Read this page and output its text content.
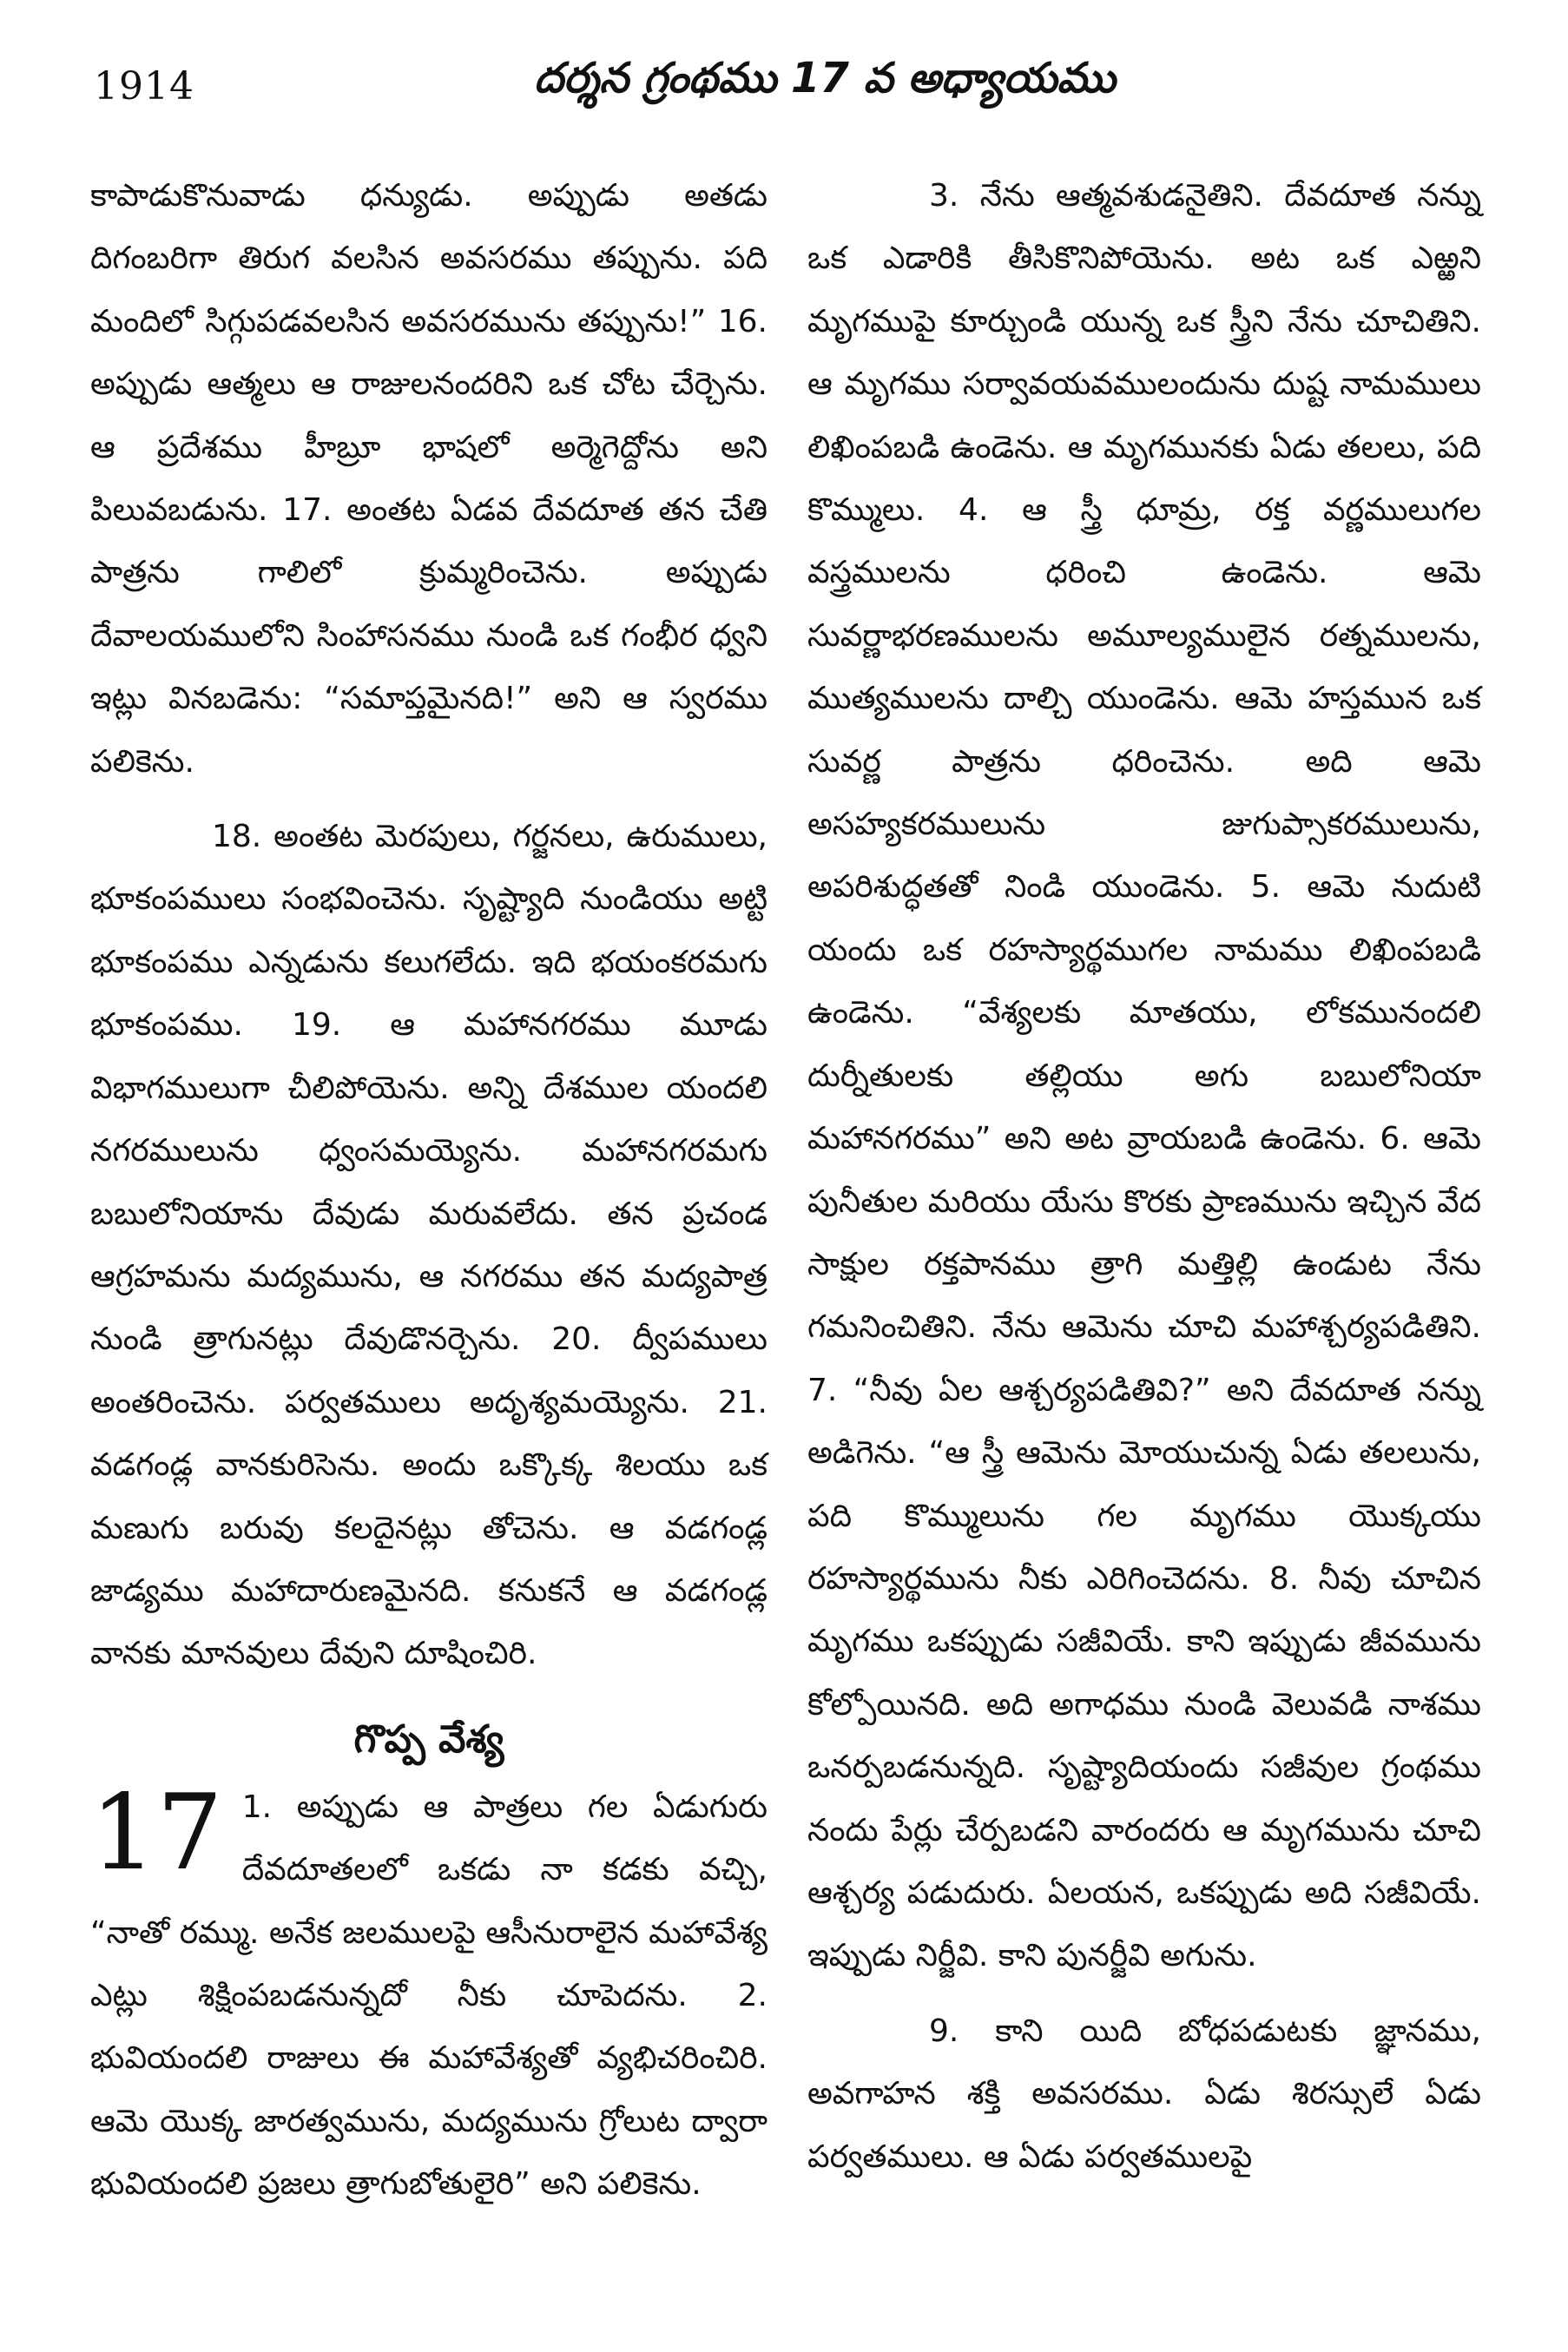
1914	దర్శన గ్రంథము 17 వ అధ్యాయము

కాపాడుకొనువాడు ధన్యుడు. అప్పుడు అతడు దిగంబరిగా తిరుగ వలసిన అవసరము తప్పును. పది మందిలో సిగ్గుపడవలసిన అవసరమును తప్పును!” 16. అప్పుడు ఆత్మలు ఆ రాజులనందరిని ఒక చోట చేర్చెను. ఆ ప్రదేశము హీబ్రూ భాషలో అర్మెగెద్దోను అని పిలువబడును. 17. అంతట ఏడవ దేవదూత తన చేతి పాత్రను గాలిలో క్రుమ్మరించెను. అప్పుడు దేవాలయములోని సింహాసనము నుండి ఒక గంభీర ధ్వని ఇట్లు వినబడెను: “సమాప్తమైనది!” అని ఆ స్వరము పలికెను.

18. అంతట మెరపులు, గర్జనలు, ఉరుములు, భూకంపములు సంభవించెను. సృష్ట్యాది నుండియు అట్టి భూకంపము ఎన్నడును కలుగలేదు. ఇది భయంకరమగు భూకంపము. 19. ఆ మహానగరము మూడు విభాగములుగా చీలిపోయెను. అన్ని దేశముల యందలి నగరములును ధ్వంసమయ్యెను. మహానగరమగు బబులోనియాను దేవుడు మరువలేదు. తన ప్రచండ ఆగ్రహమను మద్యమును, ఆ నగరము తన మద్యపాత్ర నుండి త్రాగునట్లు దేవుడొనర్చెను. 20. ద్వీపములు అంతరించెను. పర్వతములు అదృశ్యమయ్యెను. 21. వడగండ్ల వానకురిసెను. అందు ఒక్కొక్క శిలయు ఒక మణుగు బరువు కలదైనట్లు తోచెను. ఆ వడగండ్ల జాడ్యము మహాదారుణమైనది. కనుకనే ఆ వడగండ్ల వానకు మానవులు దేవుని దూషించిరి.

గొప్ప వేశ్య

17 1. అప్పుడు ఆ పాత్రలు గల ఏడుగురు దేవదూతలలో ఒకడు నా కడకు వచ్చి, “నాతో రమ్ము. అనేక జలములపై ఆసీనురాలైన మహావేశ్య ఎట్లు శిక్షింపబడనున్నదో నీకు చూపెదను. 2. భువియందలి రాజులు ఈ మహావేశ్యతో వ్యభిచరించిరి. ఆమె యొక్క జారత్వమును, మద్యమును గ్రోలుట ద్వారా భువియందలి ప్రజలు త్రాగుబోతులైరి” అని పలికెను.

3. నేను ఆత్మవశుడనైతిని. దేవదూత నన్ను ఒక ఎడారికి తీసికొనిపోయెను. అట ఒక ఎఱ్ఱని మృగముపై కూర్చుండి యున్న ఒక స్త్రీని నేను చూచితిని. ఆ మృగము సర్వావయవములందును దుష్ట నామములు లిఖింపబడి ఉండెను. ఆ మృగమునకు ఏడు తలలు, పది కొమ్ములు. 4. ఆ స్త్రీ ధూమ్ర, రక్త వర్ణములుగల వస్త్రములను ధరించి ఉండెను. ఆమె సువర్ణాభరణములను అమూల్యములైన రత్నములను, ముత్యములను దాల్చి యుండెను. ఆమె హస్తమున ఒక సువర్ణ పాత్రను ధరించెను. అది ఆమె అసహ్యకరములును జుగుప్సాకరములును, అపరిశుద్ధతతో నిండి యుండెను. 5. ఆమె నుదుటి యందు ఒక రహస్యార్థముగల నామము లిఖింపబడి ఉండెను. “వేశ్యలకు మాతయు, లోకమునందలి దుర్నీతులకు తల్లియు అగు బబులోనియా మహానగరము” అని అట వ్రాయబడి ఉండెను. 6. ఆమె పునీతుల మరియు యేసు కొరకు ప్రాణమును ఇచ్చిన వేద సాక్షుల రక్తపానము త్రాగి మత్తిల్లి ఉండుట నేను గమనించితిని. నేను ఆమెను చూచి మహాశ్చర్యపడితిని. 7. “నీవు ఏల ఆశ్చర్యపడితివి?” అని దేవదూత నన్ను అడిగెను. “ఆ స్త్రీ ఆమెను మోయుచున్న ఏడు తలలును, పది కొమ్ములును గల మృగము యొక్కయు రహస్యార్థమును నీకు ఎరిగించెదను. 8. నీవు చూచిన మృగము ఒకప్పుడు సజీవియే. కాని ఇప్పుడు జీవమును కోల్పోయినది. అది అగాధము నుండి వెలువడి నాశము ఒనర్పబడనున్నది. సృష్ట్యాదియందు సజీవుల గ్రంథము నందు పేర్లు చేర్పబడని వారందరు ఆ మృగమును చూచి ఆశ్చర్య పడుదురు. ఏలయన, ఒకప్పుడు అది సజీవియే. ఇప్పుడు నిర్జీవి. కాని పునర్జీవి అగును.

9. కాని యిది బోధపడుటకు జ్ఞానము, అవగాహన శక్తి అవసరము. ఏడు శిరస్సులే ఏడు పర్వతములు. ఆ ఏడు పర్వతములపై
